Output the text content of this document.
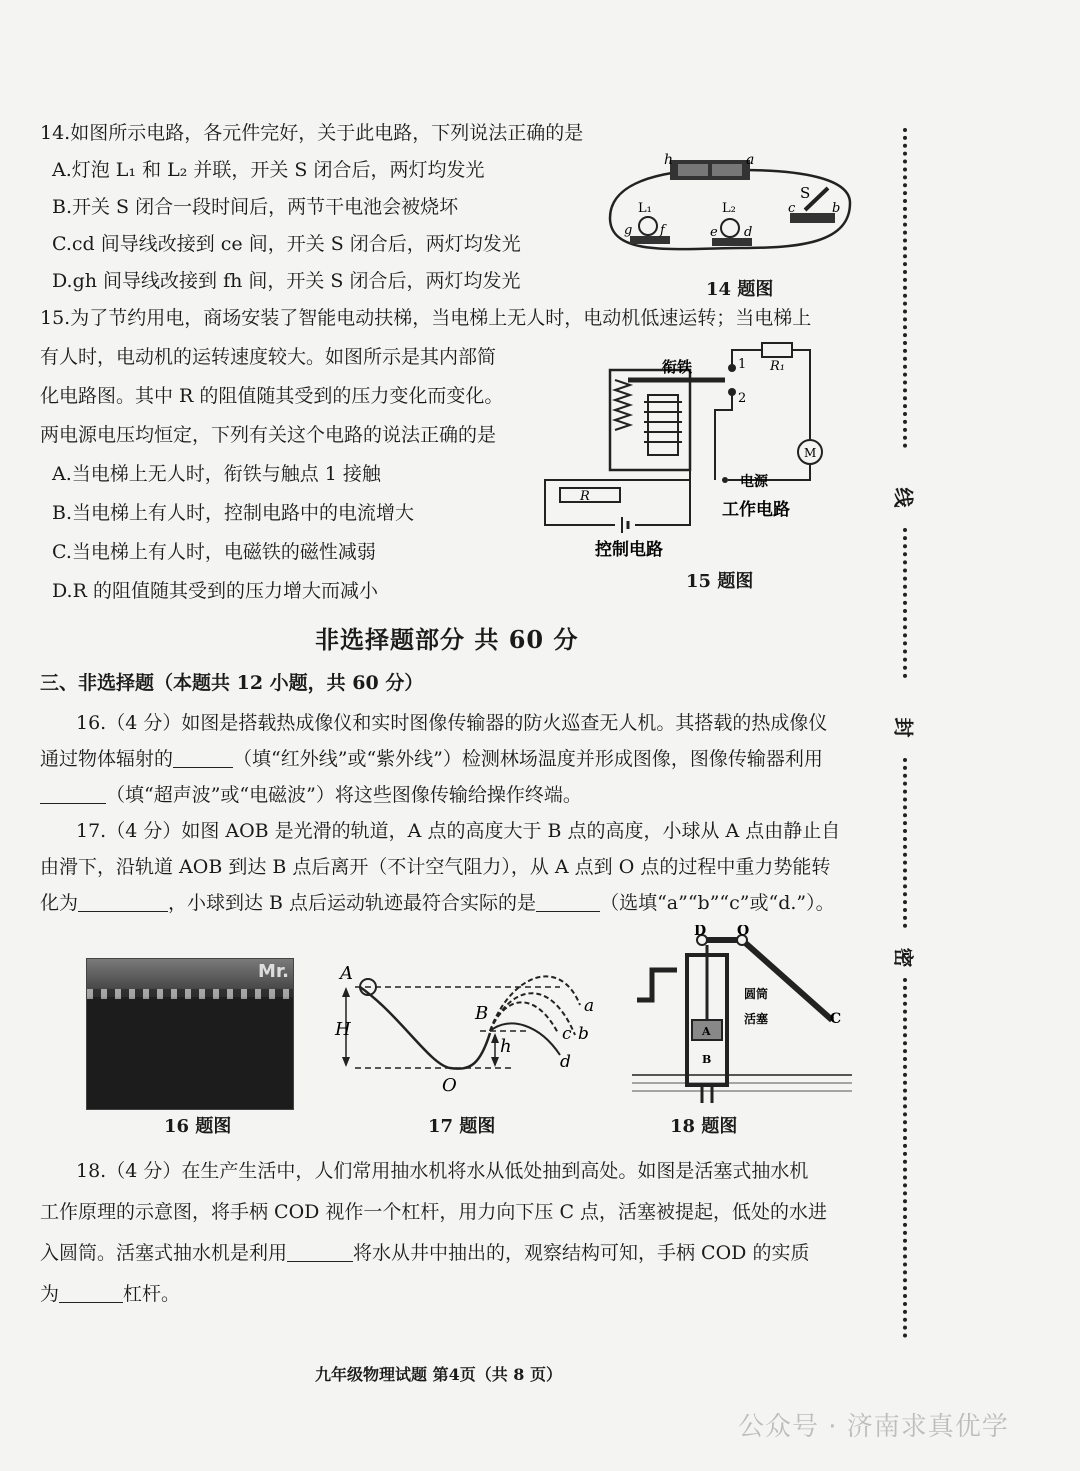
14.如图所示电路，各元件完好，关于此电路，下列说法正确的是
A.灯泡 L₁ 和 L₂ 并联，开关 S 闭合后，两灯均发光
B.开关 S 闭合一段时间后，两节干电池会被烧坏
C.cd 间导线改接到 ce 间，开关 S 闭合后，两灯均发光
D.gh 间导线改接到 fh 间，开关 S 闭合后，两灯均发光
h	a
S
c	b
L₁	L₂
g f	e d
14 题图
15.为了节约用电，商场安装了智能电动扶梯，当电梯上无人时，电动机低速运转；当电梯上
有人时，电动机的运转速度较大。如图所示是其内部简
化电路图。其中 R 的阻值随其受到的压力变化而变化。
两电源电压均恒定，下列有关这个电路的说法正确的是
A.当电梯上无人时，衔铁与触点 1 接触
B.当电梯上有人时，控制电路中的电流增大
C.当电梯上有人时，电磁铁的磁性减弱
D.R 的阻值随其受到的压力增大而减小
衔铁	1
2
R₁
M
电源
工作电路
R
控制电路
15 题图
非选择题部分 共 60 分
三、非选择题（本题共 12 小题，共 60 分）
16.（4 分）如图是搭载热成像仪和实时图像传输器的防火巡查无人机。其搭载的热成像仪
通过物体辐射的	（填“红外线”或“紫外线”）检测林场温度并形成图像，图像传输器利用
（填“超声波”或“电磁波”）将这些图像传输给操作终端。
17.（4 分）如图 AOB 是光滑的轨道，A 点的高度大于 B 点的高度，小球从 A 点由静止自
由滑下，沿轨道 AOB 到达 B 点后离开（不计空气阻力），从 A 点到 O 点的过程中重力势能转
化为	，小球到达 B 点后运动轨迹最符合实际的是	（选填“a”“b”“c”或“d.”）。
Mr.
16 题图
A
H
B
h
O
a
b
c
d
17 题图
D O
C
圆筒
活塞
A
B
18 题图
18.（4 分）在生产生活中，人们常用抽水机将水从低处抽到高处。如图是活塞式抽水机
工作原理的示意图，将手柄 COD 视作一个杠杆，用力向下压 C 点，活塞被提起，低处的水进
入圆筒。活塞式抽水机是利用	将水从井中抽出的，观察结构可知，手柄 COD 的实质
为	杠杆。
线
封
密
九年级物理试题 第4页（共 8 页）
公众号 · 济南求真优学
